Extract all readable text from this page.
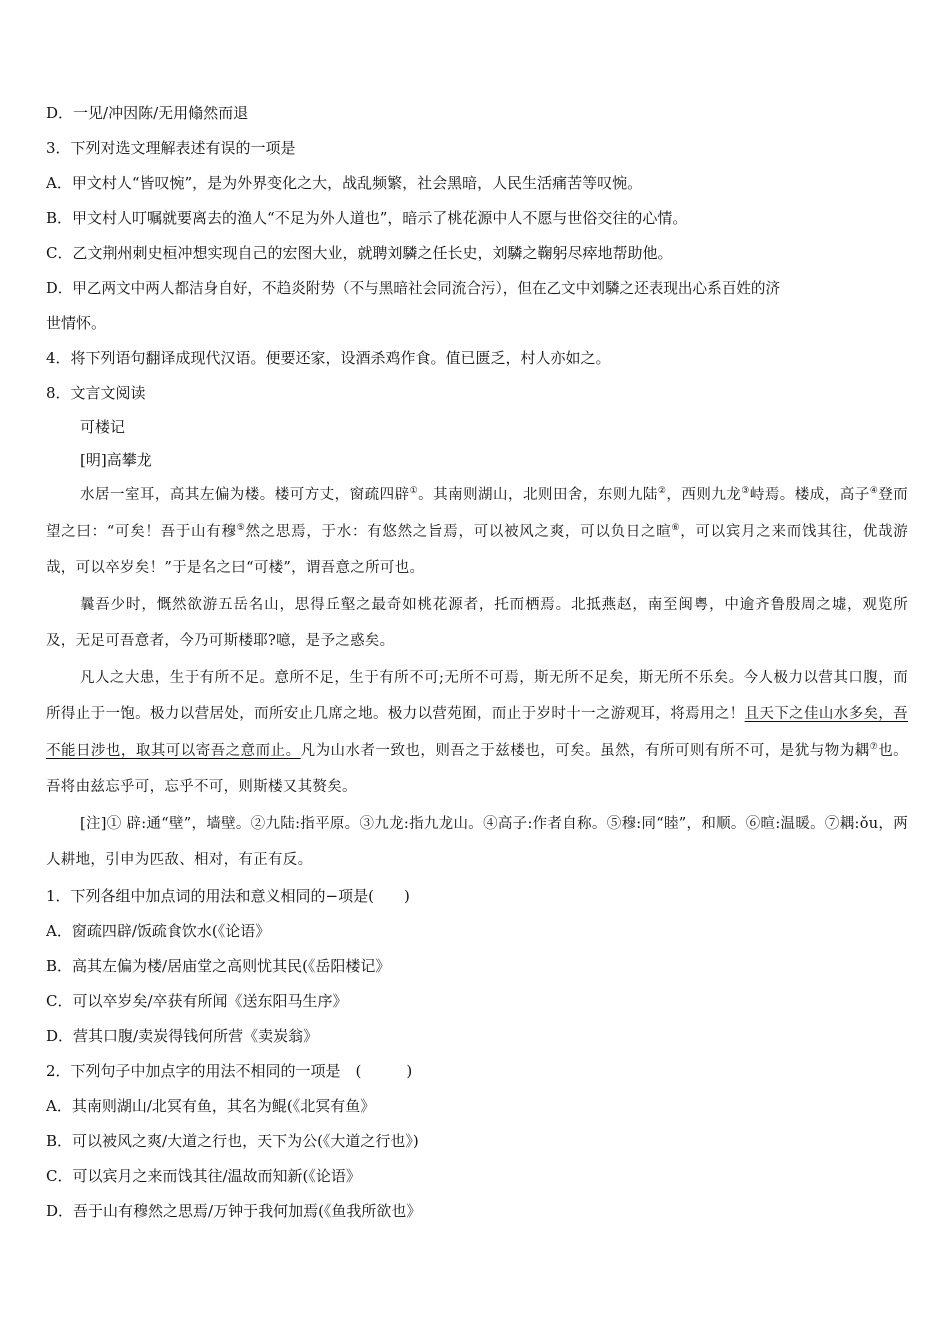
D．一见/冲因陈/无用翛然而退
3．下列对选文理解表述有误的一项是
A．甲文村人“皆叹惋”，是为外界变化之大，战乱频繁，社会黑暗，人民生活痛苦等叹惋。
B．甲文村人叮嘱就要离去的渔人“不足为外人道也”，暗示了桃花源中人不愿与世俗交往的心情。
C．乙文荆州刺史桓冲想实现自己的宏图大业，就聘刘驎之任长史，刘驎之鞠躬尽瘁地帮助他。
D．甲乙两文中两人都洁身自好，不趋炎附势（不与黑暗社会同流合污），但在乙文中刘驎之还表现出心系百姓的济
世情怀。
4．将下列语句翻译成现代汉语。便要还家，设酒杀鸡作食。值已匮乏，村人亦如之。
8．文言文阅读
可楼记
[明]高攀龙
水居一室耳，高其左偏为楼。楼可方丈，窗疏四辟①。其南则湖山，北则田舍，东则九陆②，西则九龙③峙焉。楼成，高子④登而望之曰：“可矣！吾于山有穆⑤然之思焉，于水：有悠然之旨焉，可以被风之爽，可以负日之暄⑥，可以宾月之来而饯其往，优哉游哉，可以卒岁矣！”于是名之曰“可楼”，谓吾意之所可也。
曩吾少时，慨然欲游五岳名山，思得丘壑之最奇如桃花源者，托而栖焉。北抵燕赵，南至闽粤，中逾齐鲁殷周之墟，观览所及，无足可吾意者，今乃可斯楼耶?噫，是予之惑矣。
凡人之大患，生于有所不足。意所不足，生于有所不可;无所不可焉，斯无所不足矣，斯无所不乐矣。今人极力以营其口腹，而所得止于一饱。极力以营居处，而所安止几席之地。极力以营苑囿，而止于岁时十一之游观耳，将焉用之！且天下之佳山水多矣，吾不能日涉也，取其可以寄吾之意而止。凡为山水者一致也，则吾之于兹楼也，可矣。虽然，有所可则有所不可，是犹与物为耦⑦也。吾将由兹忘乎可，忘乎不可，则斯楼又其赘矣。
[注]① 辟:通“壁”，墙壁。②九陆:指平原。③九龙:指九龙山。④高子:作者自称。⑤穆:同“睦”，和顺。⑥暄:温暖。⑦耦:ǒu，两人耕地，引申为匹敌、相对，有正有反。
1．下列各组中加点词的用法和意义相同的−项是(　　)
A．窗疏四辟/饭疏食饮水(《论语》
B．高其左偏为楼/居庙堂之高则忧其民(《岳阳楼记》
C．可以卒岁矣/卒获有所闻《送东阳马生序》
D．营其口腹/卖炭得钱何所营《卖炭翁》
2．下列句子中加点字的用法不相同的一项是　(　　　)
A．其南则湖山/北冥有鱼，其名为鲲(《北冥有鱼》
B．可以被风之爽/大道之行也，天下为公(《大道之行也》)
C．可以宾月之来而饯其往/温故而知新(《论语》
D．吾于山有穆然之思焉/万钟于我何加焉(《鱼我所欲也》
